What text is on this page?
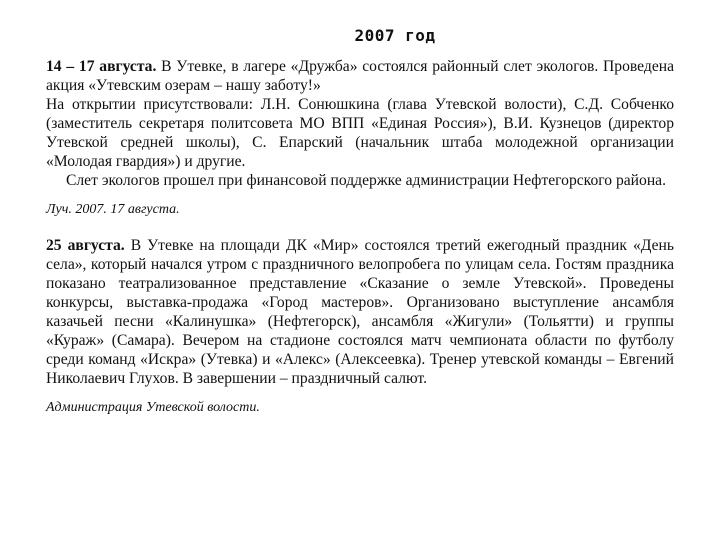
2007 год

14 – 17 августа. В Утевке, в лагере «Дружба» состоялся районный слет экологов. Проведена акция «Утевским озерам – нашу заботу!»

На открытии присутствовали: Л.Н. Сонюшкина (глава Утевской волости), С.Д. Собченко (заместитель секретаря политсовета МО ВПП «Единая Россия»), В.И. Кузнецов (директор Утевской средней школы), С. Епарский (начальник штаба молодежной организации «Молодая гвардия») и другие.

Слет экологов прошел при финансовой поддержке администрации Нефтегорского района.

Луч. 2007. 17 августа.

25 августа. В Утевке на площади ДК «Мир» состоялся третий ежегодный праздник «День села», который начался утром с праздничного велопробега по улицам села. Гостям праздника показано театрализованное представление «Сказание о земле Утевской». Проведены конкурсы, выставка-продажа «Город мастеров». Организовано выступление ансамбля казачьей песни «Калинушка» (Нефтегорск), ансамбля «Жигули» (Тольятти) и группы «Кураж» (Самара). Вечером на стадионе состоялся матч чемпионата области по футболу среди команд «Искра» (Утевка) и «Алекс» (Алексеевка). Тренер утевской команды – Евгений Николаевич Глухов. В завершении – праздничный салют.

Администрация Утевской волости.
